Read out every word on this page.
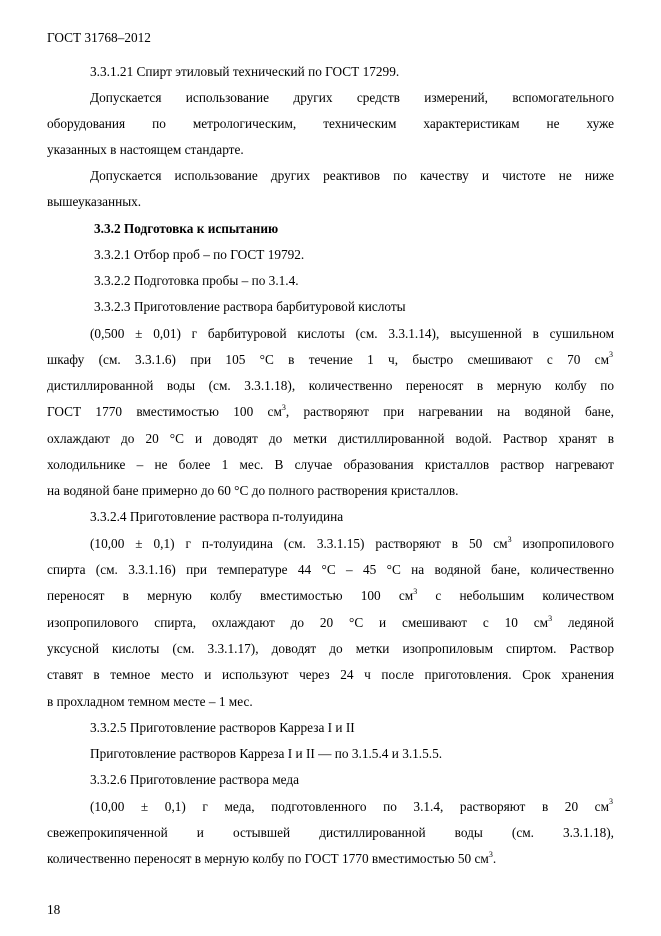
ГОСТ 31768–2012
3.3.1.21 Спирт этиловый технический по ГОСТ 17299.
Допускается использование других средств измерений, вспомогательного
оборудования по метрологическим, техническим характеристикам не хуже
указанных в настоящем стандарте.
Допускается использование других реактивов по качеству и чистоте не ниже
вышеуказанных.
3.3.2 Подготовка к испытанию
3.3.2.1 Отбор проб – по ГОСТ 19792.
3.3.2.2 Подготовка пробы – по 3.1.4.
3.3.2.3 Приготовление раствора барбитуровой кислоты
(0,500 ± 0,01) г барбитуровой кислоты (см. 3.3.1.14), высушенной в сушильном
шкафу (см. 3.3.1.6) при 105 °С в течение 1 ч, быстро смешивают с 70 см $^3$
дистиллированной воды (см. 3.3.1.18), количественно переносят в мерную колбу по
ГОСТ 1770 вместимостью 100 $см^3$, растворяют при нагревании на водяной бане,
охлаждают до 20 °С и доводят до метки дистиллированной водой. Раствор хранят в
холодильнике – не более 1 мес. В случае образования кристаллов раствор нагревают
на водяной бане примерно до 60 °С до полного растворения кристаллов.
3.3.2.4 Приготовление раствора п-толуидина
(10,00 ± 0,1) г п-толуидина (см. 3.3.1.15) растворяют в 50 $см^3$ изопропилового
спирта (см. 3.3.1.16) при температуре 44 °С – 45 °С на водяной бане, количественно
переносят в мерную колбу вместимостью 100 $см^3$ с небольшим количеством
изопропилового спирта, охлаждают до 20 °С и смешивают с 10 $см^3$ ледяной
уксусной кислоты (см. 3.3.1.17), доводят до метки изопропиловым спиртом. Раствор
ставят в темное место и используют через 24 ч после приготовления. Срок хранения
в прохладном темном месте – 1 мес.
3.3.2.5 Приготовление растворов Карреза I и II
Приготовление растворов Карреза I и II — по 3.1.5.4 и 3.1.5.5.
3.3.2.6 Приготовление раствора меда
(10,00 ± 0,1) г меда, подготовленного по 3.1.4, растворяют в 20 см $^3$
свежепрокипяченной и остывшей дистиллированной воды (см. 3.3.1.18),
количественно переносят в мерную колбу по ГОСТ 1770 вместимостью 50 $см^3$.
18
